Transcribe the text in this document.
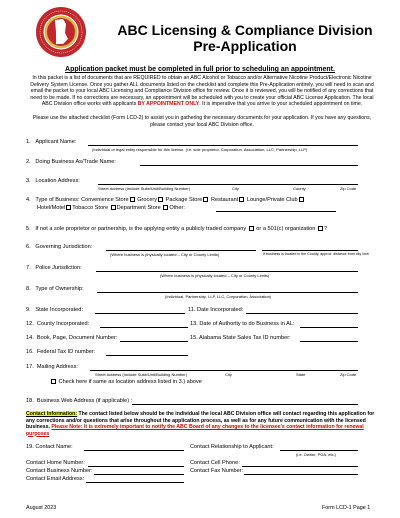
ABC Licensing & Compliance Division
Pre-Application
Application packet must be completed in full prior to scheduling an appointment.
In this packet is a list of documents that are REQUIRED to obtain an ABC Alcohol or Tobacco and/or Alternative Nicotine Product/Electronic Nicotine Delivery System License. Once you gather ALL documents listed on the checklist and complete this Pre-Application entirely, you will need to scan and email the packet to your local ABC Licensing and Compliance Division office for review. Once it is reviewed, you will be notified of any corrections that need to be made. If no corrections are necessary, an appointment will be scheduled with you to create your official ABC License Application. The local ABC Division office works with applicants BY APPOINTMENT ONLY. It is imperative that you arrive to your scheduled appointment on time.
Please use the attached checklist (Form LCD-2) to assist you in gathering the necessary documents for your application. If you have any questions, please contact your local ABC Division office.
1. Applicant Name:
(Individual or legal entity responsible for this license, (i.e. sole proprietor, Corporation, Association, LLC, Partnership, LLP)
2. Doing Business As/Trade Name:
3. Location Address:
Street Address (Include Suite/Unit/Building Number)	City	County	Zip Code
4. Type of Business: Convenience Store Grocery Package Store Restaurant Lounge/Private Club
Hotel/Motel Tobacco Store Department Store Other:
5. If not a sole proprietor or partnership, is the applying entity a publicly traded company or a 501(c) organization ?
6. Governing Jurisdiction:
(Where business is physically located – City or County Limits)	If business is located in the County, approx. distance from city limit
7. Police Jurisdiction:
(Where business is physically located – City or County Limits)
8. Type of Ownership:
(Individual, Partnership, LLP, LLC, Corporation, Association)
9. State Incorporated:	11. Date Incorporated:
12. County Incorporated:	13. Date of Authority to do Business in AL:
14. Book, Page, Document Number:	15. Alabama State Sales Tax ID number:
16. Federal Tax ID number:
17. Mailing Address:
Street Address (Include Suite/Unit/Building Number)	City	State	Zip Code
Check here if same as location address listed in 3.) above
18. Business Web Address (if applicable) :
Contact Information: The contact listed below should be the individual the local ABC Division office will contact regarding this application for any corrections and/or questions that arise throughout the application process, as well as for any future communication with the licensed business. Please Note: It is extremely important to notify the ABC Board of any changes to the licensee's contact information for renewal purposes
19. Contact Name:	Contact Relationship to Applicant:
(i.e. Owner, POA, etc.)
Contact Home Number:	Contact Cell Phone:
Contact Business Number:	Contact Fax Number:
Contact Email Address:
August 2023	Form LCD-1 Page 1
